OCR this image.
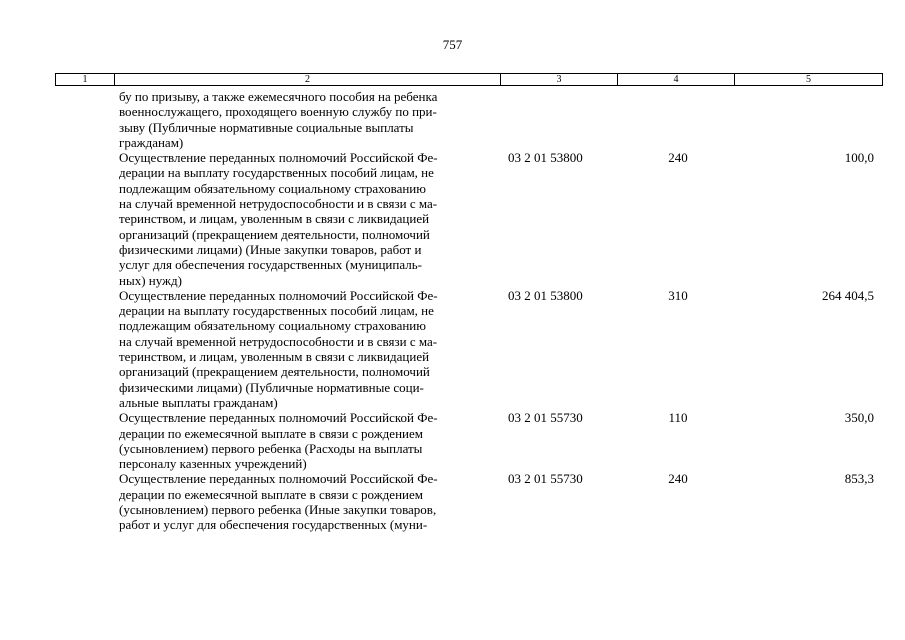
757
1	2	3	4	5
бу по призыву, а также ежемесячного пособия на ребенка
военнослужащего, проходящего военную службу по при-
зыву (Публичные нормативные социальные выплаты
гражданам)
Осуществление переданных полномочий Российской Фе-
дерации на выплату государственных пособий лицам, не
подлежащим обязательному социальному страхованию
на случай временной нетрудоспособности и в связи с ма-
теринством, и лицам, уволенным в связи с ликвидацией
организаций (прекращением деятельности, полномочий
физическими лицами) (Иные закупки товаров, работ и
услуг для обеспечения государственных (муниципаль-
ных) нужд)
03 2 01 53800	240	100,0
Осуществление переданных полномочий Российской Фе-
дерации на выплату государственных пособий лицам, не
подлежащим обязательному социальному страхованию
на случай временной нетрудоспособности и в связи с ма-
теринством, и лицам, уволенным в связи с ликвидацией
организаций (прекращением деятельности, полномочий
физическими лицами) (Публичные нормативные соци-
альные выплаты гражданам)
03 2 01 53800	310	264 404,5
Осуществление переданных полномочий Российской Фе-
дерации по ежемесячной выплате в связи с рождением
(усыновлением) первого ребенка (Расходы на выплаты
персоналу казенных учреждений)
03 2 01 55730	110	350,0
Осуществление переданных полномочий Российской Фе-
дерации по ежемесячной выплате в связи с рождением
(усыновлением) первого ребенка (Иные закупки товаров,
работ и услуг для обеспечения государственных (муни-
03 2 01 55730	240	853,3
